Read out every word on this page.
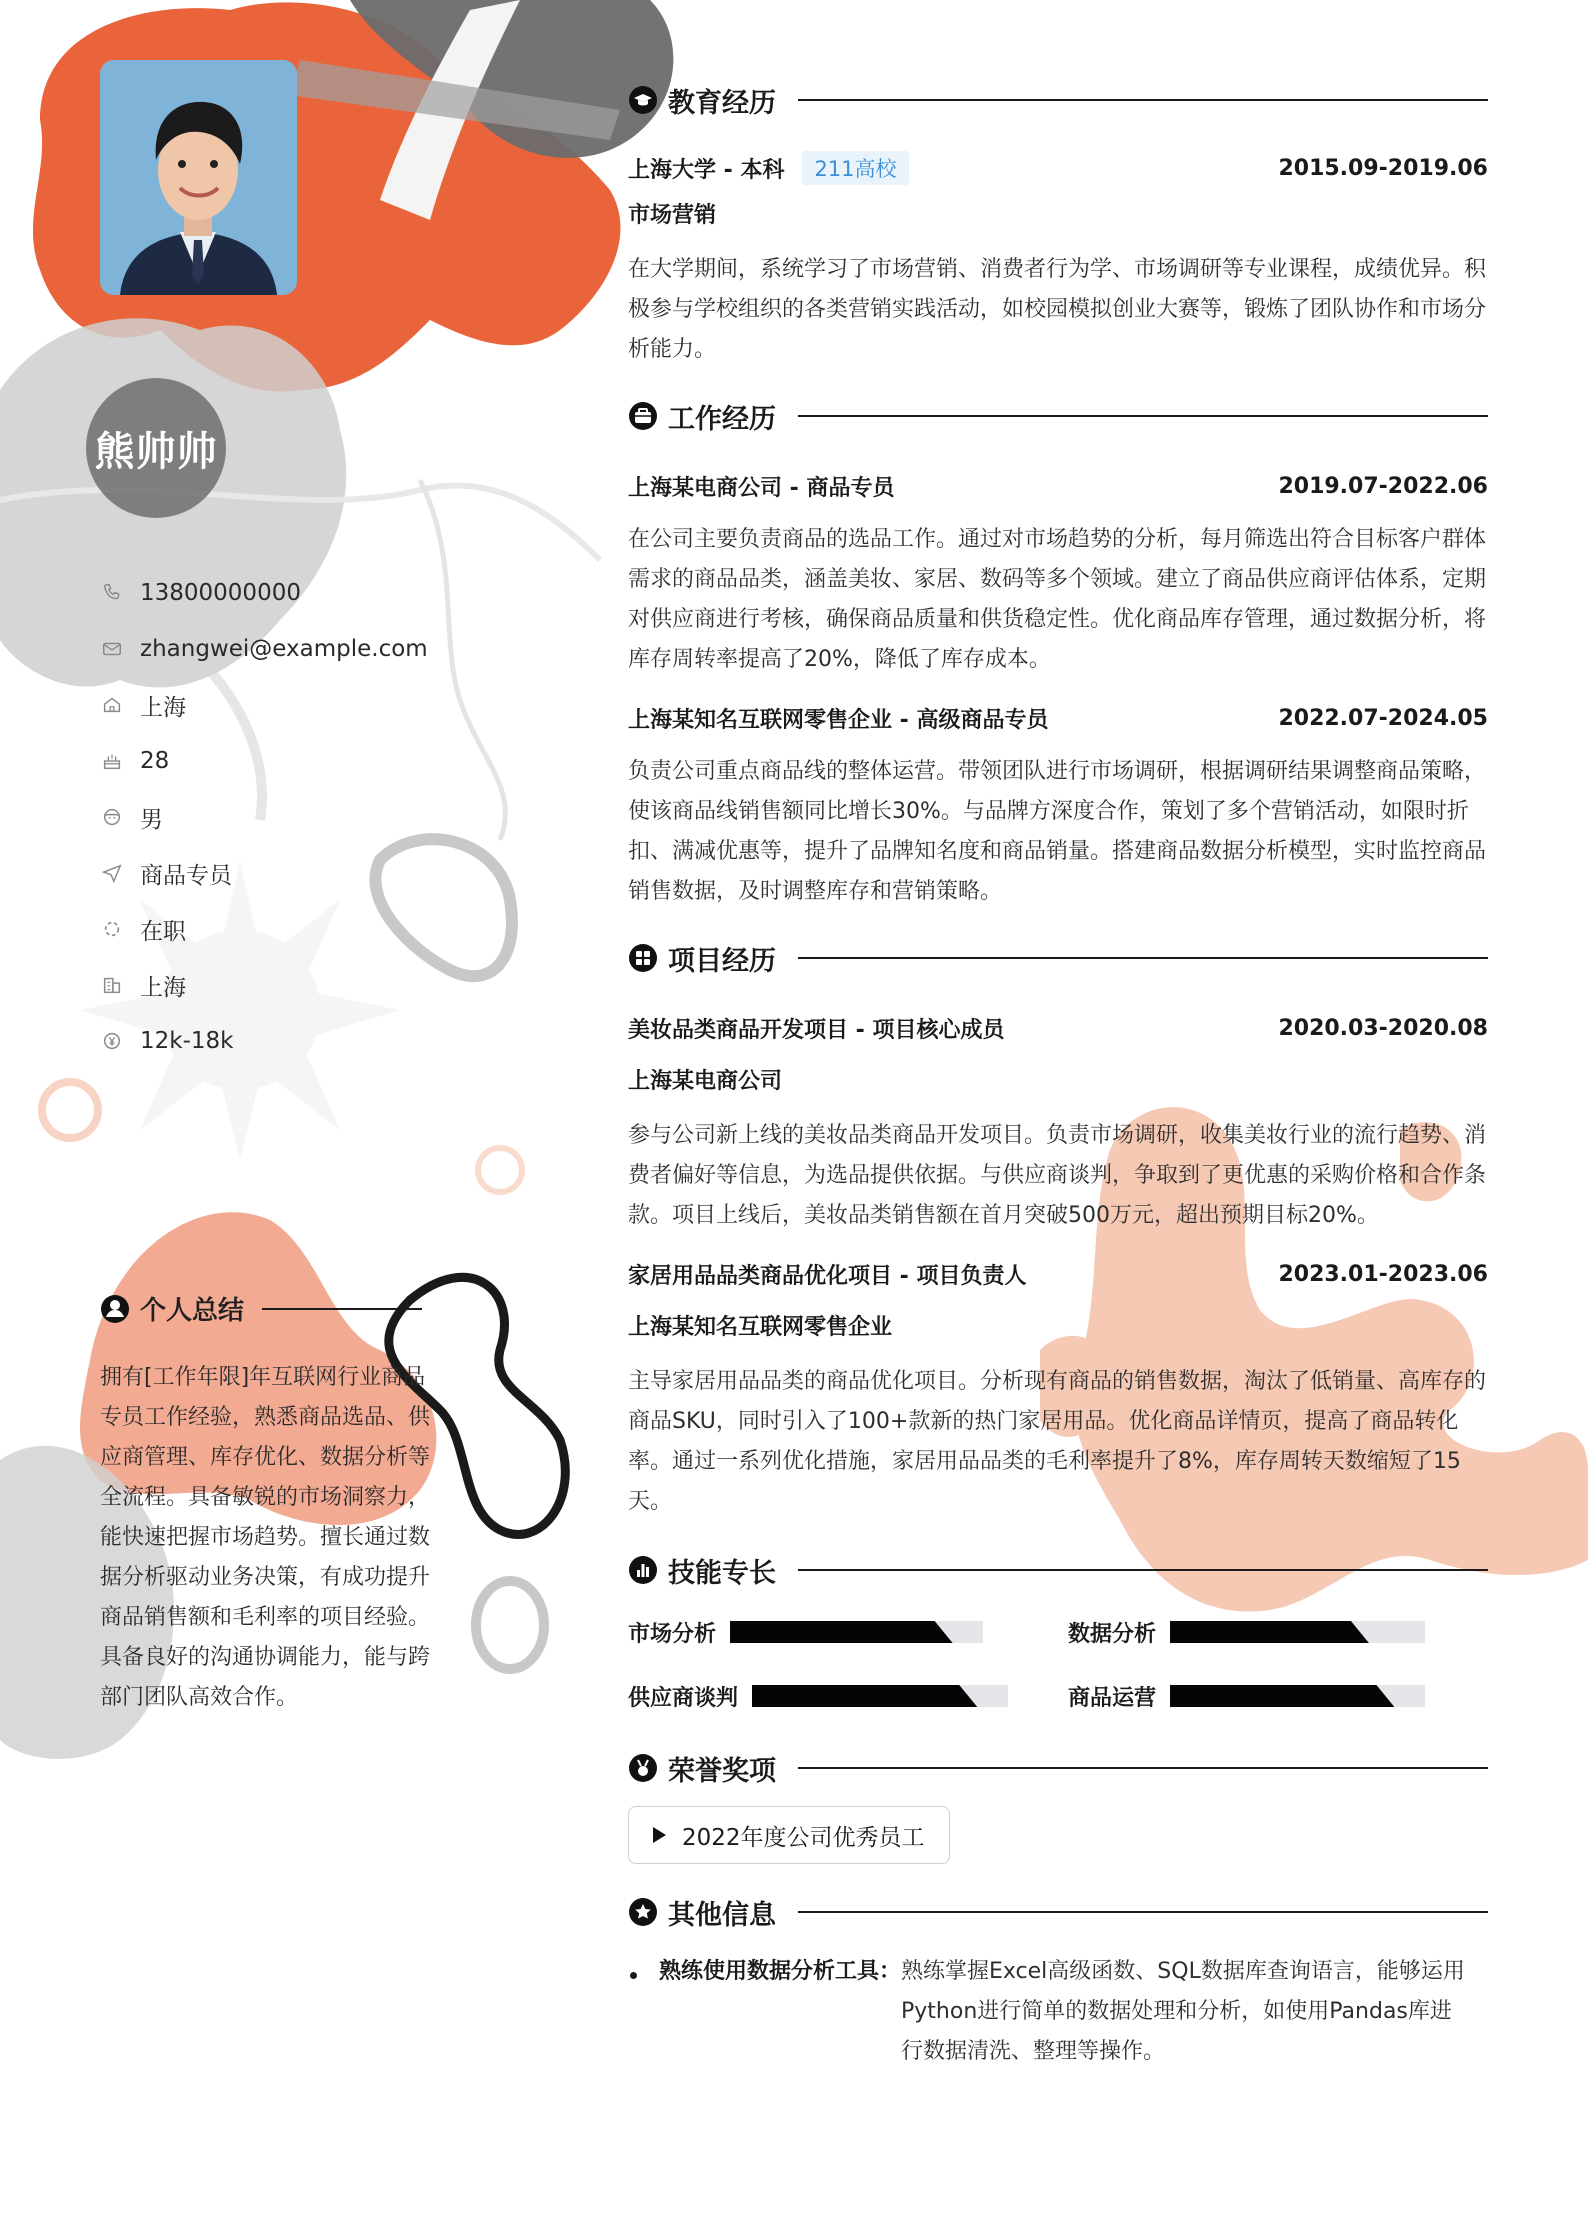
熊帅帅
13800000000
zhangwei@example.com
上海
28
男
商品专员
在职
上海
12k-18k
个人总结
拥有[工作年限]年互联网行业商品专员工作经验，熟悉商品选品、供应商管理、库存优化、数据分析等全流程。具备敏锐的市场洞察力，能快速把握市场趋势。擅长通过数据分析驱动业务决策，有成功提升商品销售额和毛利率的项目经验。具备良好的沟通协调能力，能与跨部门团队高效合作。
教育经历
上海大学 - 本科	211高校	2015.09-2019.06
市场营销
在大学期间，系统学习了市场营销、消费者行为学、市场调研等专业课程，成绩优异。积极参与学校组织的各类营销实践活动，如校园模拟创业大赛等，锻炼了团队协作和市场分析能力。
工作经历
上海某电商公司 - 商品专员	2019.07-2022.06
在公司主要负责商品的选品工作。通过对市场趋势的分析，每月筛选出符合目标客户群体需求的商品品类，涵盖美妆、家居、数码等多个领域。建立了商品供应商评估体系，定期对供应商进行考核，确保商品质量和供货稳定性。优化商品库存管理，通过数据分析，将库存周转率提高了20%，降低了库存成本。
上海某知名互联网零售企业 - 高级商品专员	2022.07-2024.05
负责公司重点商品线的整体运营。带领团队进行市场调研，根据调研结果调整商品策略，使该商品线销售额同比增长30%。与品牌方深度合作，策划了多个营销活动，如限时折扣、满减优惠等，提升了品牌知名度和商品销量。搭建商品数据分析模型，实时监控商品销售数据，及时调整库存和营销策略。
项目经历
美妆品类商品开发项目 - 项目核心成员	2020.03-2020.08
上海某电商公司
参与公司新上线的美妆品类商品开发项目。负责市场调研，收集美妆行业的流行趋势、消费者偏好等信息，为选品提供依据。与供应商谈判，争取到了更优惠的采购价格和合作条款。项目上线后，美妆品类销售额在首月突破500万元，超出预期目标20%。
家居用品品类商品优化项目 - 项目负责人	2023.01-2023.06
上海某知名互联网零售企业
主导家居用品品类的商品优化项目。分析现有商品的销售数据，淘汰了低销量、高库存的商品SKU，同时引入了100+款新的热门家居用品。优化商品详情页，提高了商品转化率。通过一系列优化措施，家居用品品类的毛利率提升了8%，库存周转天数缩短了15天。
技能专长
市场分析	数据分析
供应商谈判	商品运营
荣誉奖项
2022年度公司优秀员工
其他信息
熟练使用数据分析工具： 熟练掌握Excel高级函数、SQL数据库查询语言，能够运用Python进行简单的数据处理和分析，如使用Pandas库进行数据清洗、整理等操作。
